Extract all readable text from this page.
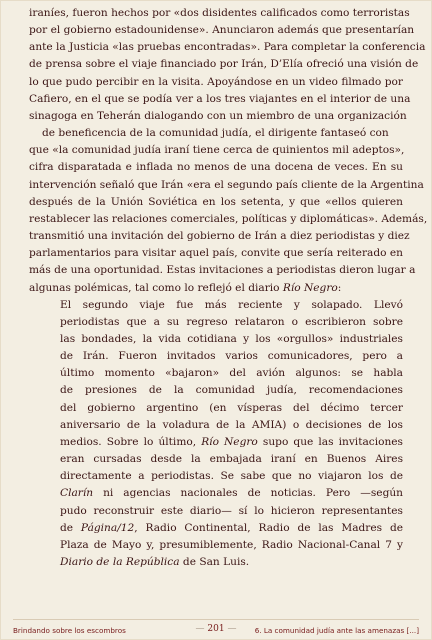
iraníes, fueron hechos por «dos disidentes calificados como terroristas
por el gobierno estadounidense». Anunciaron además que presentarían
ante la Justicia «las pruebas encontradas». Para completar la conferencia
de prensa sobre el viaje financiado por Irán, D’Elía ofreció una visión de
lo que pudo percibir en la visita. Apoyándose en un video filmado por
Cafiero, en el que se podía ver a los tres viajantes en el interior de una
sinagoga en Teherán dialogando con un miembro de una organización
de beneficencia de la comunidad judía, el dirigente fantaseó con
que «la comunidad judía iraní tiene cerca de quinientos mil adeptos»,
cifra disparatada e inflada no menos de una docena de veces. En su
intervención señaló que Irán «era el segundo país cliente de la Argentina
después de la Unión Soviética en los setenta, y que «ellos quieren
restablecer las relaciones comerciales, políticas y diplomáticas». Además,
transmitió una invitación del gobierno de Irán a diez periodistas y diez
parlamentarios para visitar aquel país, convite que sería reiterado en
más de una oportunidad. Estas invitaciones a periodistas dieron lugar a
algunas polémicas, tal como lo reflejó el diario Río Negro:
El segundo viaje fue más reciente y solapado. Llevó
periodistas que a su regreso relataron o escribieron sobre
las bondades, la vida cotidiana y los «orgullos» industriales
de Irán. Fueron invitados varios comunicadores, pero a
último momento «bajaron» del avión algunos: se habla
de presiones de la comunidad judía, recomendaciones
del gobierno argentino (en vísperas del décimo tercer
aniversario de la voladura de la AMIA) o decisiones de los
medios. Sobre lo último, Río Negro supo que las invitaciones
eran cursadas desde la embajada iraní en Buenos Aires
directamente a periodistas. Se sabe que no viajaron los de
Clarín ni agencias nacionales de noticias. Pero —según
pudo reconstruir este diario— sí lo hicieron representantes
de Página/12, Radio Continental, Radio de las Madres de
Plaza de Mayo y, presumiblemente, Radio Nacional-Canal 7 y
Diario de la República de San Luis.
Brindando sobre los escombros	— 201 —	6. La comunidad judía ante las amenazas [...]
